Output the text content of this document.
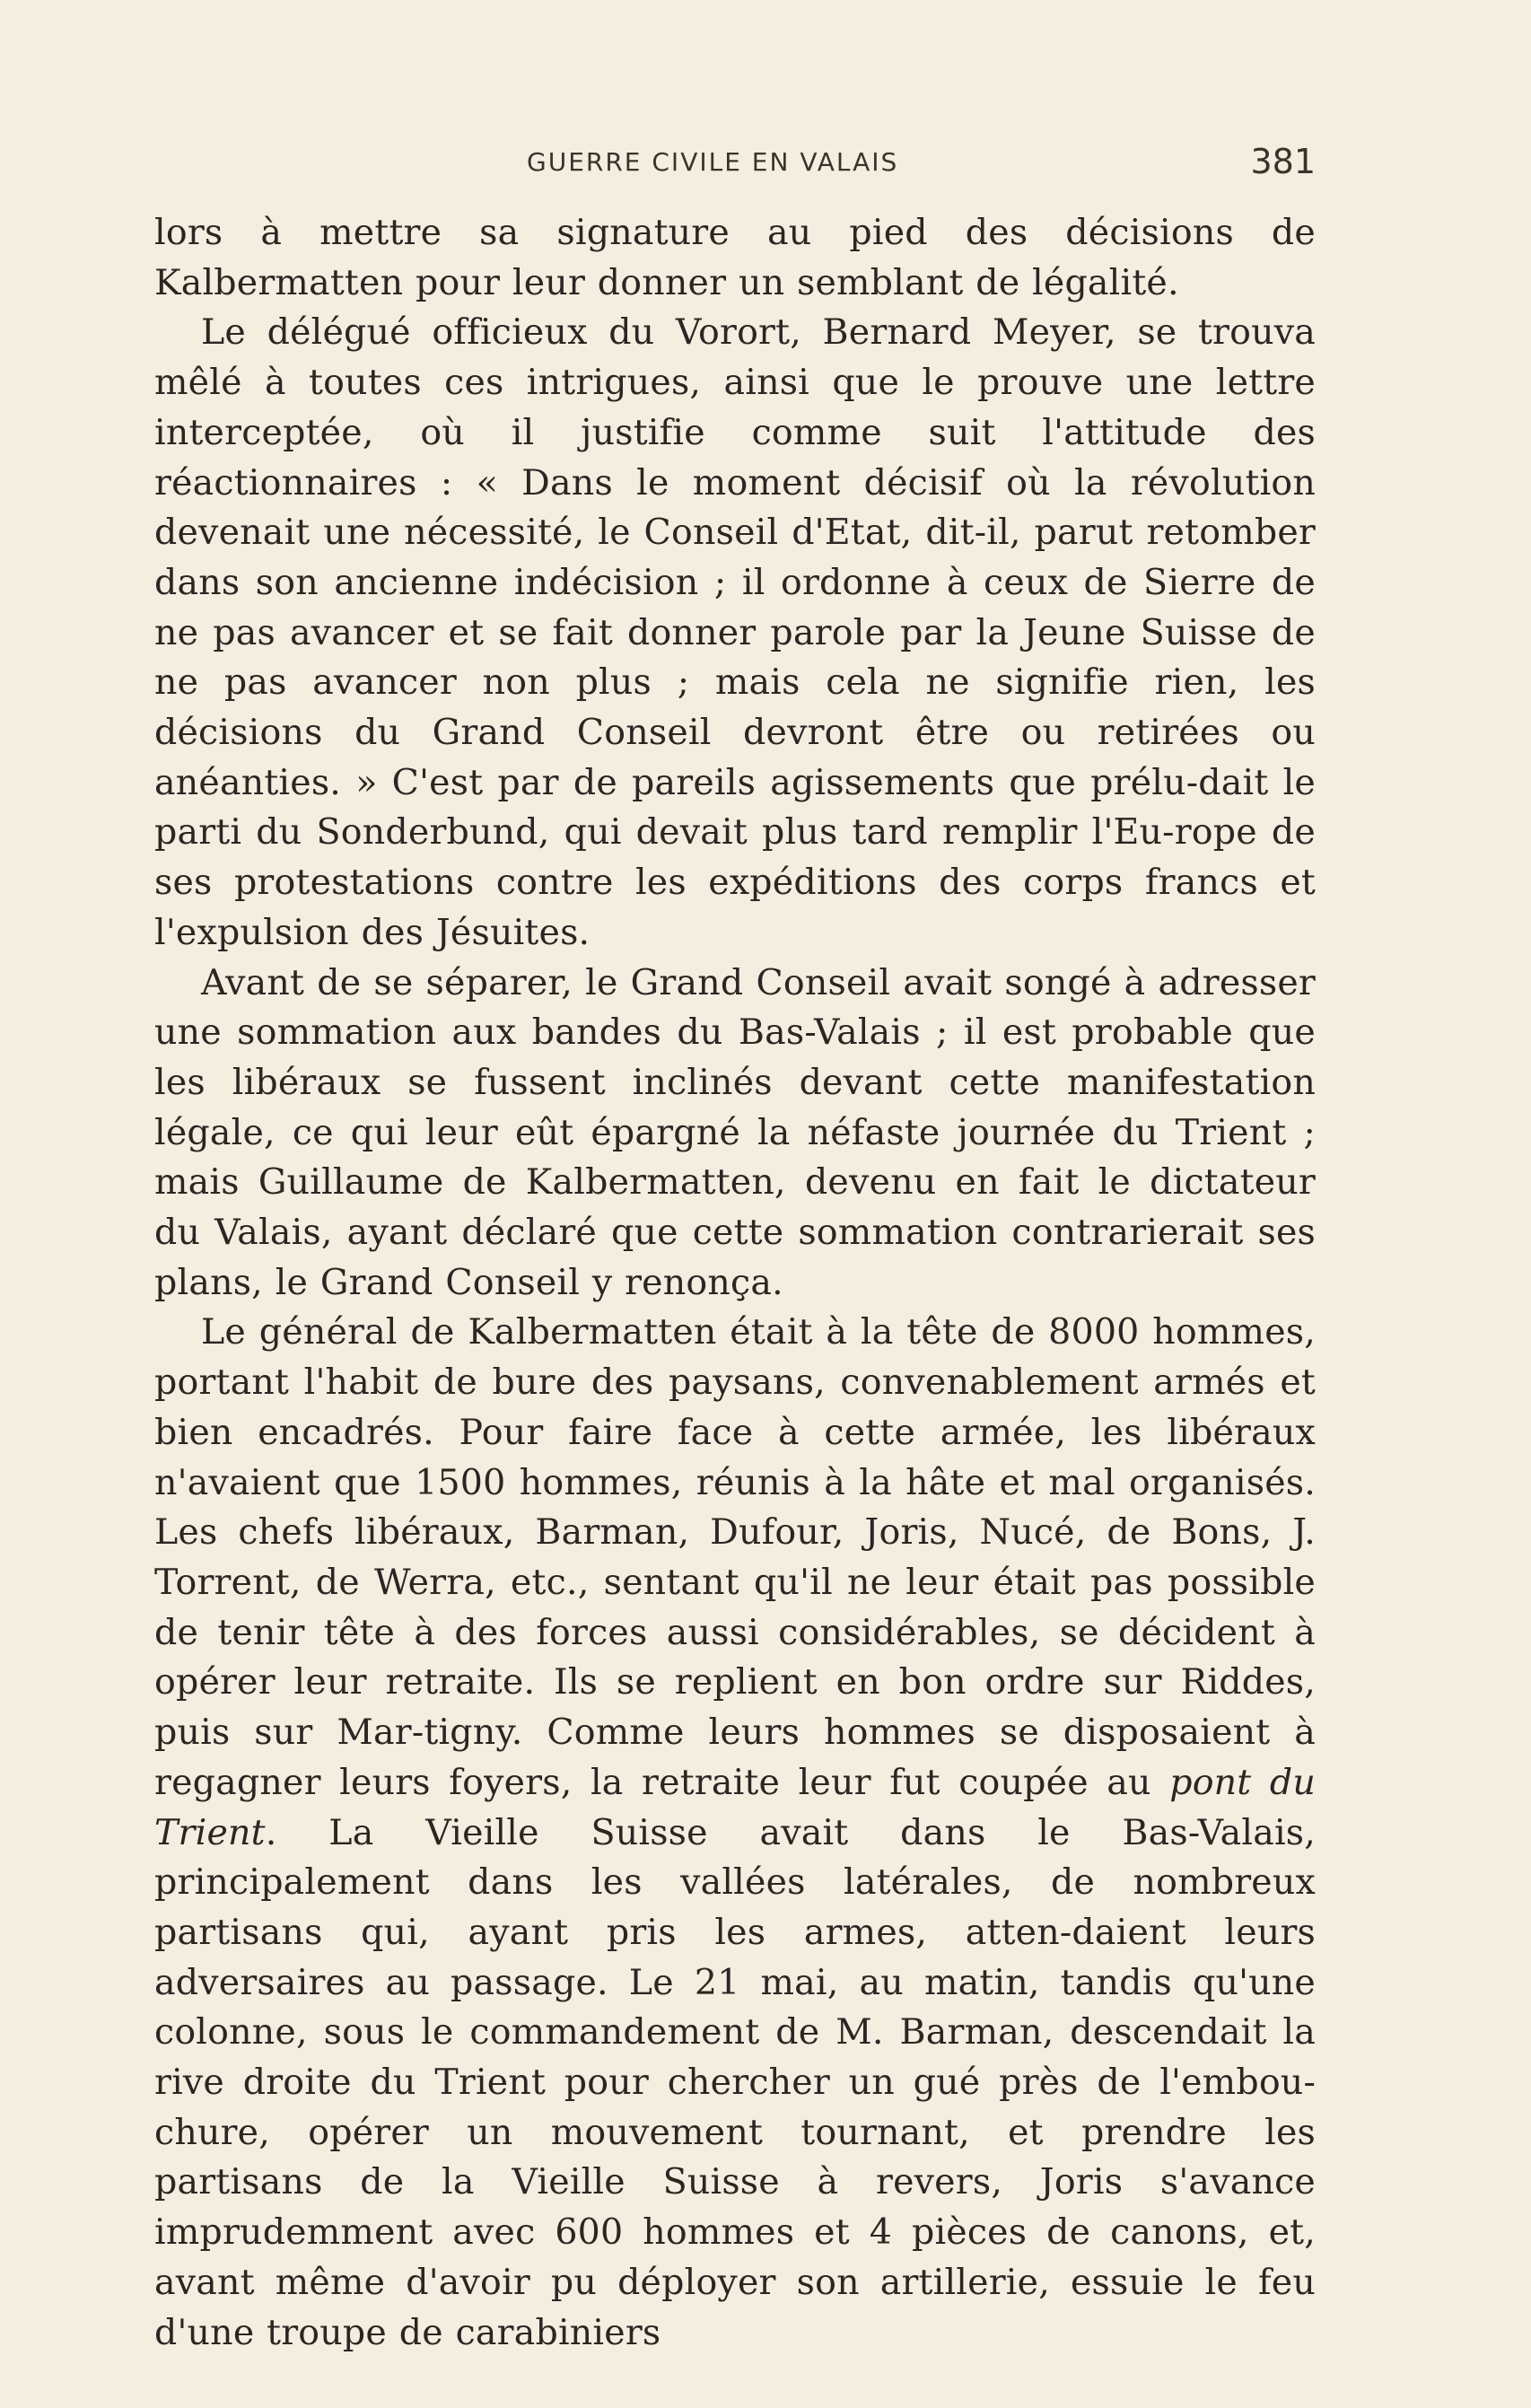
GUERRE CIVILE EN VALAIS	381

lors à mettre sa signature au pied des décisions de Kalbermatten pour leur donner un semblant de légalité.

Le délégué officieux du Vorort, Bernard Meyer, se trouva mêlé à toutes ces intrigues, ainsi que le prouve une lettre interceptée, où il justifie comme suit l'attitude des réactionnaires : « Dans le moment décisif où la révolution devenait une nécessité, le Conseil d'Etat, dit-il, parut retomber dans son ancienne indécision ; il ordonne à ceux de Sierre de ne pas avancer et se fait donner parole par la Jeune Suisse de ne pas avancer non plus ; mais cela ne signifie rien, les décisions du Grand Conseil devront être ou retirées ou anéanties. » C'est par de pareils agissements que prélu-dait le parti du Sonderbund, qui devait plus tard remplir l'Eu-rope de ses protestations contre les expéditions des corps francs et l'expulsion des Jésuites.

Avant de se séparer, le Grand Conseil avait songé à adresser une sommation aux bandes du Bas-Valais ; il est probable que les libéraux se fussent inclinés devant cette manifestation légale, ce qui leur eût épargné la néfaste journée du Trient ; mais Guillaume de Kalbermatten, devenu en fait le dictateur du Valais, ayant déclaré que cette sommation contrarierait ses plans, le Grand Conseil y renonça.

Le général de Kalbermatten était à la tête de 8000 hommes, portant l'habit de bure des paysans, convenablement armés et bien encadrés. Pour faire face à cette armée, les libéraux n'avaient que 1500 hommes, réunis à la hâte et mal organisés. Les chefs libéraux, Barman, Dufour, Joris, Nucé, de Bons, J. Torrent, de Werra, etc., sentant qu'il ne leur était pas possible de tenir tête à des forces aussi considérables, se décident à opérer leur retraite. Ils se replient en bon ordre sur Riddes, puis sur Mar-tigny. Comme leurs hommes se disposaient à regagner leurs foyers, la retraite leur fut coupée au pont du Trient. La Vieille Suisse avait dans le Bas-Valais, principalement dans les vallées latérales, de nombreux partisans qui, ayant pris les armes, atten-daient leurs adversaires au passage. Le 21 mai, au matin, tandis qu'une colonne, sous le commandement de M. Barman, descendait la rive droite du Trient pour chercher un gué près de l'embou-chure, opérer un mouvement tournant, et prendre les partisans de la Vieille Suisse à revers, Joris s'avance imprudemment avec 600 hommes et 4 pièces de canons, et, avant même d'avoir pu déployer son artillerie, essuie le feu d'une troupe de carabiniers
